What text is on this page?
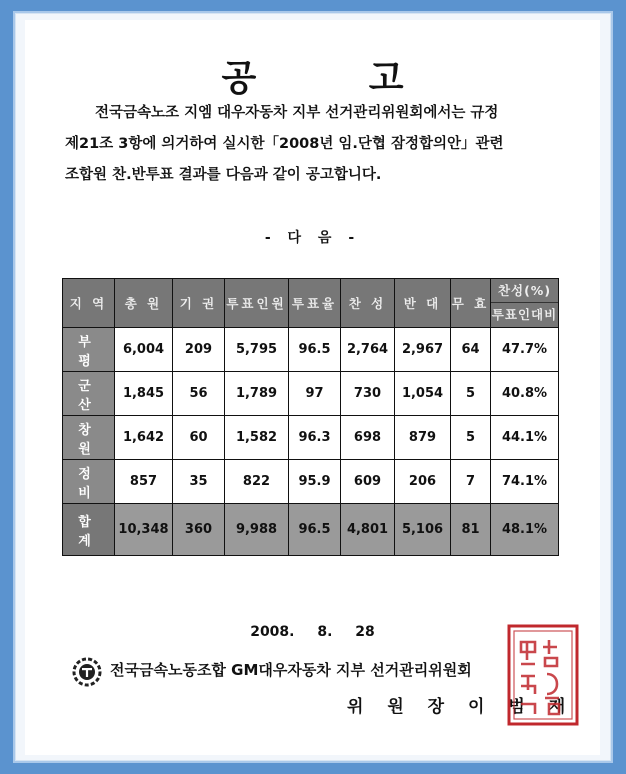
공 고
전국금속노조 지엠 대우자동차 지부 선거관리위원회에서는 규정
제21조 3항에 의거하여 실시한「2008년 임.단협 잠정합의안」관련
조합원 찬.반투표 결과를 다음과 같이 공고합니다.
- 다 음 -
지 역	총 원	기 권	투표인원	투표율	찬 성	반 대	무 효	찬성(%)
투표인대비

부 평	6,004	209	5,795	96.5	2,764	2,967	64	47.7%
군 산	1,845	56	1,789	97	730	1,054	5	40.8%
창 원	1,642	60	1,582	96.3	698	879	5	44.1%
정 비	857	35	822	95.9	609	206	7	74.1%
합 계	10,348	360	9,988	96.5	4,801	5,106	81	48.1%
2008. 8. 28
전국금속노동조합 GM대우자동차 지부 선거관리위원회
위 원 장 이 범 재
